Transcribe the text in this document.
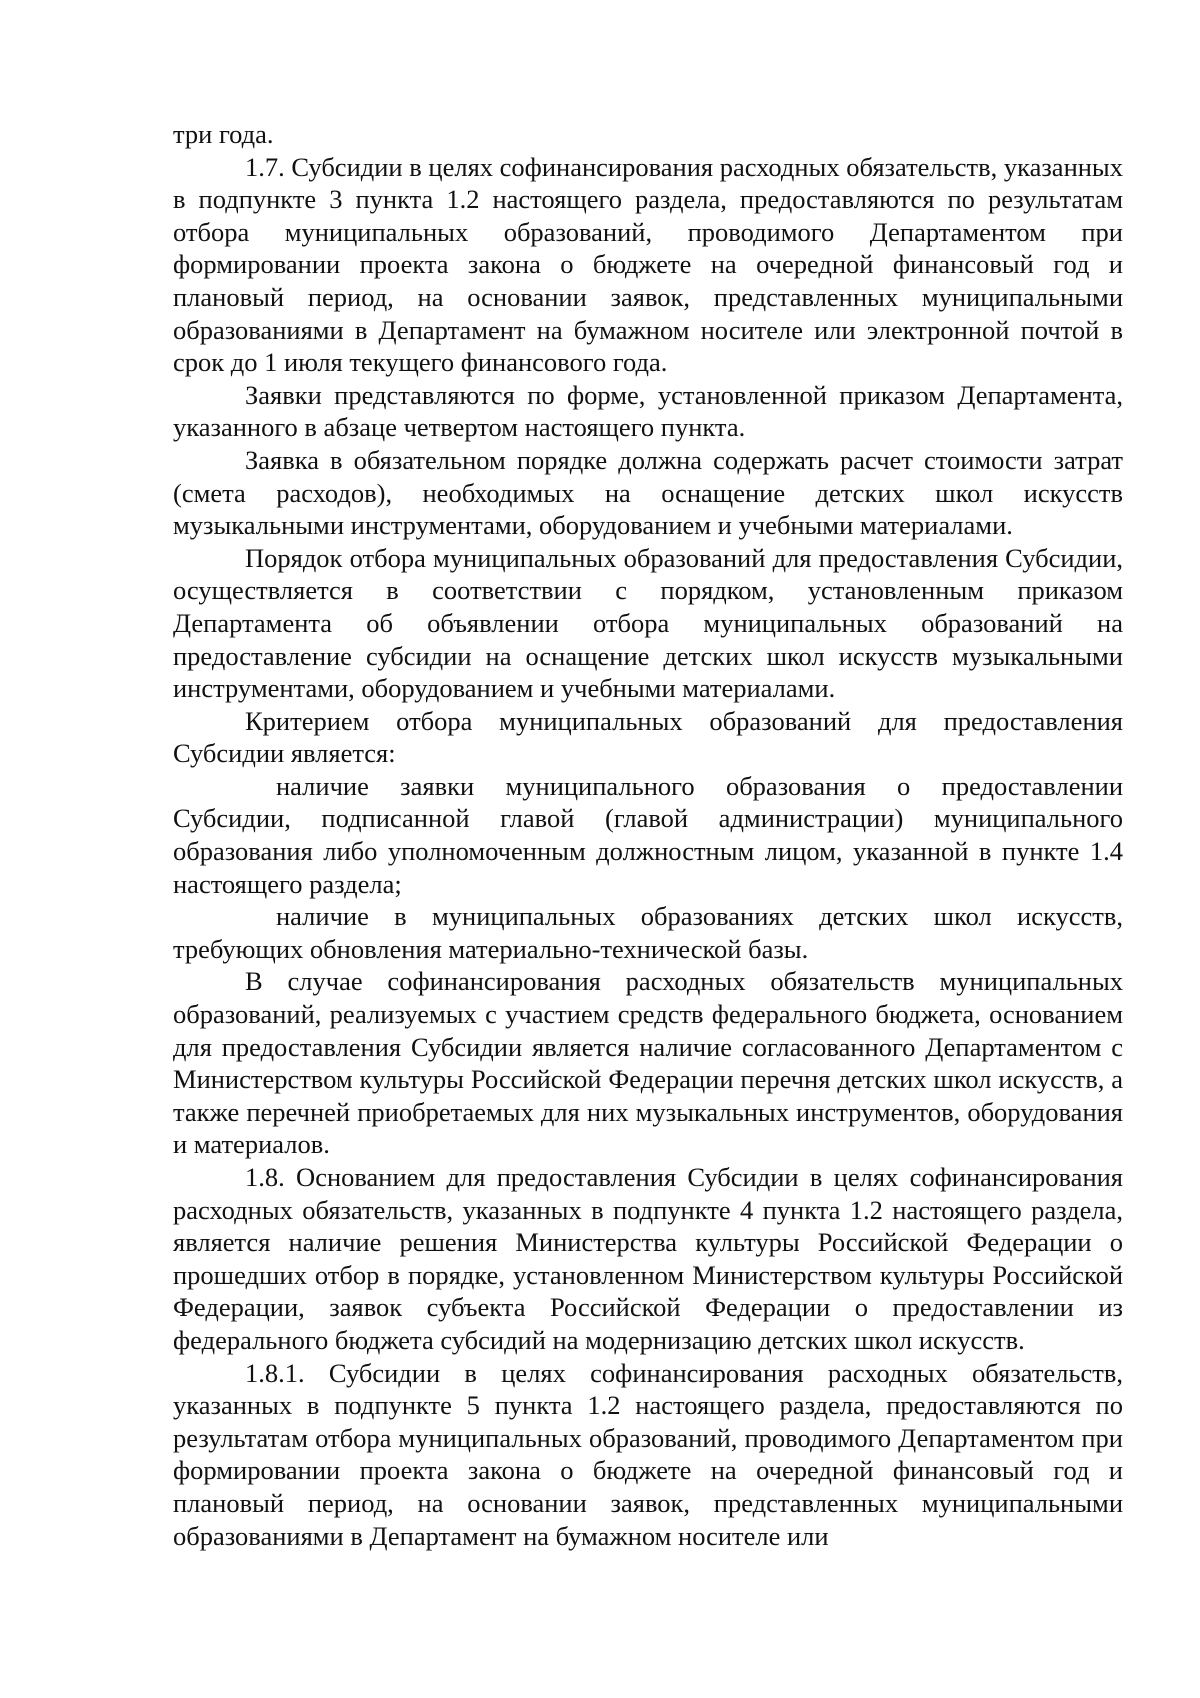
три года.

1.7. Субсидии в целях софинансирования расходных обязательств, указанных в подпункте 3 пункта 1.2 настоящего раздела, предоставляются по результатам отбора муниципальных образований, проводимого Департаментом при формировании проекта закона о бюджете на очередной финансовый год и плановый период, на основании заявок, представленных муниципальными образованиями в Департамент на бумажном носителе или электронной почтой в срок до 1 июля текущего финансового года.

Заявки представляются по форме, установленной приказом Департамента, указанного в абзаце четвертом настоящего пункта.

Заявка в обязательном порядке должна содержать расчет стоимости затрат (смета расходов), необходимых на оснащение детских школ искусств музыкальными инструментами, оборудованием и учебными материалами.

Порядок отбора муниципальных образований для предоставления Субсидии, осуществляется в соответствии с порядком, установленным приказом Департамента об объявлении отбора муниципальных образований на предоставление субсидии на оснащение детских школ искусств музыкальными инструментами, оборудованием и учебными материалами.

Критерием отбора муниципальных образований для предоставления Субсидии является:

наличие заявки муниципального образования о предоставлении Субсидии, подписанной главой (главой администрации) муниципального образования либо уполномоченным должностным лицом, указанной в пункте 1.4 настоящего раздела;

наличие в муниципальных образованиях детских школ искусств, требующих обновления материально-технической базы.

В случае софинансирования расходных обязательств муниципальных образований, реализуемых с участием средств федерального бюджета, основанием для предоставления Субсидии является наличие согласованного Департаментом с Министерством культуры Российской Федерации перечня детских школ искусств, а также перечней приобретаемых для них музыкальных инструментов, оборудования и материалов.

1.8. Основанием для предоставления Субсидии в целях софинансирования расходных обязательств, указанных в подпункте 4 пункта 1.2 настоящего раздела, является наличие решения Министерства культуры Российской Федерации о прошедших отбор в порядке, установленном Министерством культуры Российской Федерации, заявок субъекта Российской Федерации о предоставлении из федерального бюджета субсидий на модернизацию детских школ искусств.

1.8.1. Субсидии в целях софинансирования расходных обязательств, указанных в подпункте 5 пункта 1.2 настоящего раздела, предоставляются по результатам отбора муниципальных образований, проводимого Департаментом при формировании проекта закона о бюджете на очередной финансовый год и плановый период, на основании заявок, представленных муниципальными образованиями в Департамент на бумажном носителе или
